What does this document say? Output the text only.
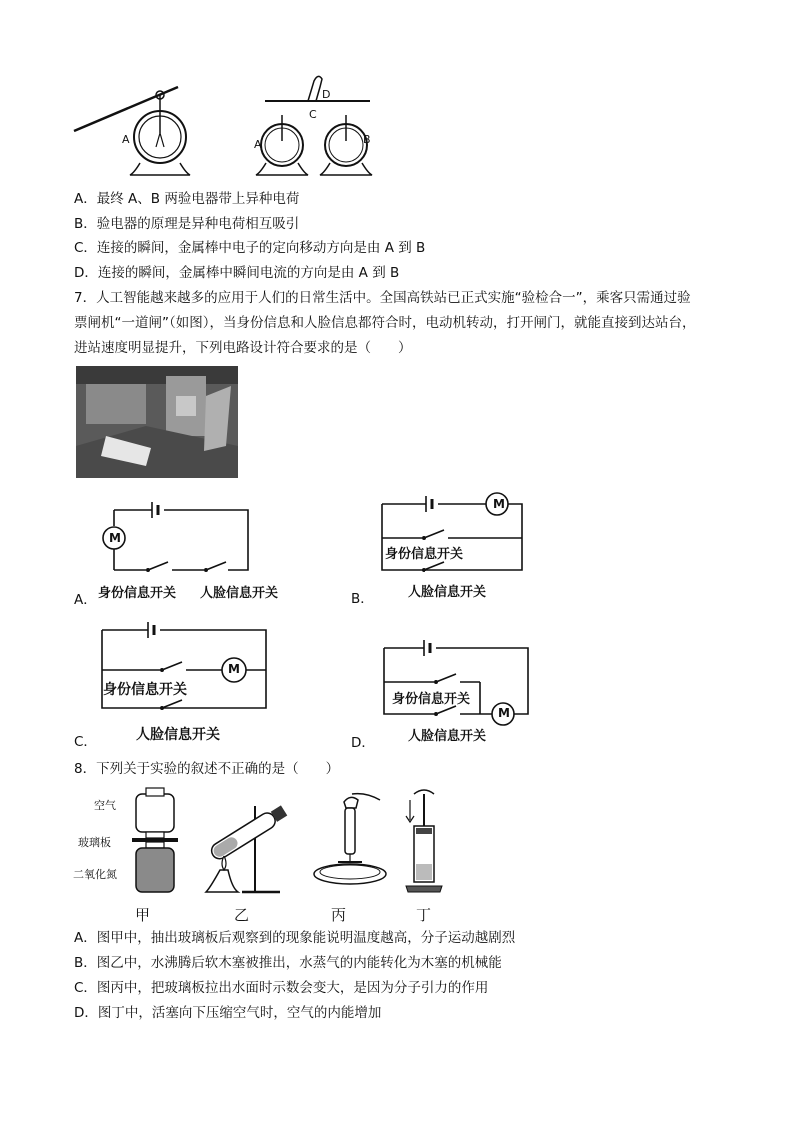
A	A	B
C
D
A．最终 A、B 两验电器带上异种电荷
B．验电器的原理是异种电荷相互吸引
C．连接的瞬间，金属棒中电子的定向移动方向是由 A 到 B
D．连接的瞬间，金属棒中瞬间电流的方向是由 A 到 B
7．人工智能越来越多的应用于人们的日常生活中。全国高铁站已正式实施“验检合一”，乘客只需通过验
票闸机“一道闸”（如图），当身份信息和人脸信息都符合时，电动机转动，打开闸门，就能直接到达站台，
进站速度明显提升，下列电路设计符合要求的是（　　）
M
身份信息开关 人脸信息开关
A．
M
身份信息开关
人脸信息开关
B．
M
身份信息开关
人脸信息开关
C．
M
身份信息开关
人脸信息开关
D．
8．下列关于实验的叙述不正确的是（　　）
空气
玻璃板
二氧化氮
甲	乙	丙	丁
A．图甲中，抽出玻璃板后观察到的现象能说明温度越高，分子运动越剧烈
B．图乙中，水沸腾后软木塞被推出，水蒸气的内能转化为木塞的机械能
C．图丙中，把玻璃板拉出水面时示数会变大，是因为分子引力的作用
D．图丁中，活塞向下压缩空气时，空气的内能增加
